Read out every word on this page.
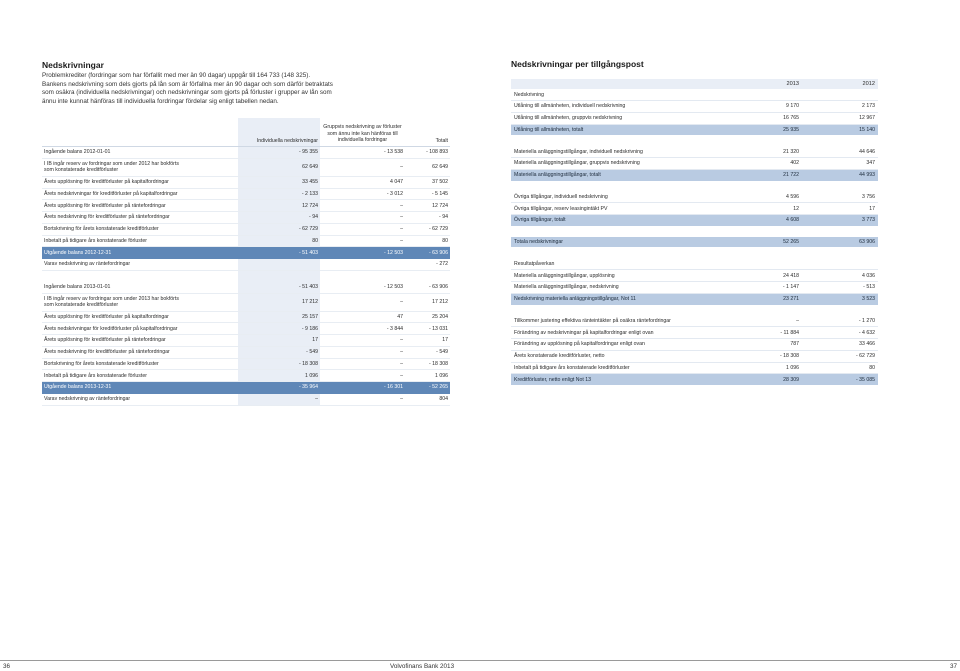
Nedskrivningar
Problemkrediter (fordringar som har förfallit med mer än 90 dagar) uppgår till 164 733 (148 325).
Bankens nedskrivning som dels gjorts på lån som är förfallna mer än 90 dagar och som därför betraktats
som osäkra (individuella nedskrivningar) och nedskrivningar som gjorts på förluster i grupper av lån som
ännu inte kunnat hänföras till individuella fordringar fördelar sig enligt tabellen nedan.
	Individuella nedskrivningar	Gruppvis nedskrivning av förluster
som ännu inte kan hänföras till
individuella fordringar	Totalt
Ingående balans 2012-01-01	- 95 355	- 13 538	- 108 893
I IB ingår reserv av fordringar som under 2012 har bokförts
som konstaterade kreditförluster	62 649	–	62 649
Årets upplösning för kreditförluster på kapitalfordringar	33 455	4 047	37 502
Årets nedskrivningar för kreditförluster på kapitalfordringar	- 2 133	- 3 012	- 5 145
Årets upplösning för kreditförluster på räntefordringar	12 724	–	12 724
Årets nedskrivning för kreditförluster på räntefordringar	- 94	–	- 94
Bortskrivning för årets konstaterade kreditförluster	- 62 729	–	- 62 729
Inbetalt på tidigare års konstaterade förluster	80	–	80
Utgående balans 2012-12-31	- 51 403	- 12 503	- 63 906
Varav nedskrivning av räntefordringar			- 272

Ingående balans 2013-01-01	- 51 403	- 12 503	- 63 906
I IB ingår reserv av fordringar som under 2013 har bokförts
som konstaterade kreditförluster	17 212	–	17 212
Årets upplösning för kreditförluster på kapitalfordringar	25 157	47	25 204
Årets nedskrivningar för kreditförluster på kapitalfordringar	- 9 186	- 3 844	- 13 031
Årets upplösning för kreditförluster på räntefordringar	17	–	17
Årets nedskrivning för kreditförluster på räntefordringar	- 549	–	- 549
Bortskrivning för årets konstaterade kreditförluster	- 18 308	–	- 18 308
Inbetalt på tidigare års konstaterade förluster	1 096	–	1 096
Utgående balans 2013-12-31	- 35 964	- 16 301	- 52 265
Varav nedskrivning av räntefordringar	–	–	804
Nedskrivningar per tillgångspost
	2013	2012
Nedskrivning		
Utlåning till allmänheten, individuell nedskrivning	9 170	2 173
Utlåning till allmänheten, gruppvis nedskrivning	16 765	12 967
Utlåning till allmänheten, totalt	25 935	15 140

Materiella anläggningstillgångar, individuell nedskrivning	21 320	44 646
Materiella anläggningstillgångar, gruppvis nedskrivning	402	347
Materiella anläggningstillgångar, totalt	21 722	44 993

Övriga tillgångar, individuell nedskrivning	4 596	3 756
Övriga tillgångar, reserv leasingintäkt PV	12	17
Övriga tillgångar, totalt	4 608	3 773

Totala nedskrivningar	52 265	63 906

Resultatpåverkan		
Materiella anläggningstillgångar, upplösning	24 418	4 036
Materiella anläggningstillgångar, nedskrivning	- 1 147	- 513
Nedskrivning materiella anläggningstillgångar, Not 11	23 271	3 523

Tillkommer justering effektiva ränteintäkter på osäkra räntefordringar	–	- 1 270
Förändring av nedskrivningar på kapitalfordringar enligt ovan	- 11 884	- 4 632
Förändring av upplösning på kapitalfordringar enligt ovan	787	33 466
Årets konstaterade kreditförluster, netto	- 18 308	- 62 729
Inbetalt på tidigare års konstaterade kreditförluster	1 096	80
Kreditförluster, netto enligt Not 13	28 309	- 35 085
36	Volvofinans Bank 2013	37
